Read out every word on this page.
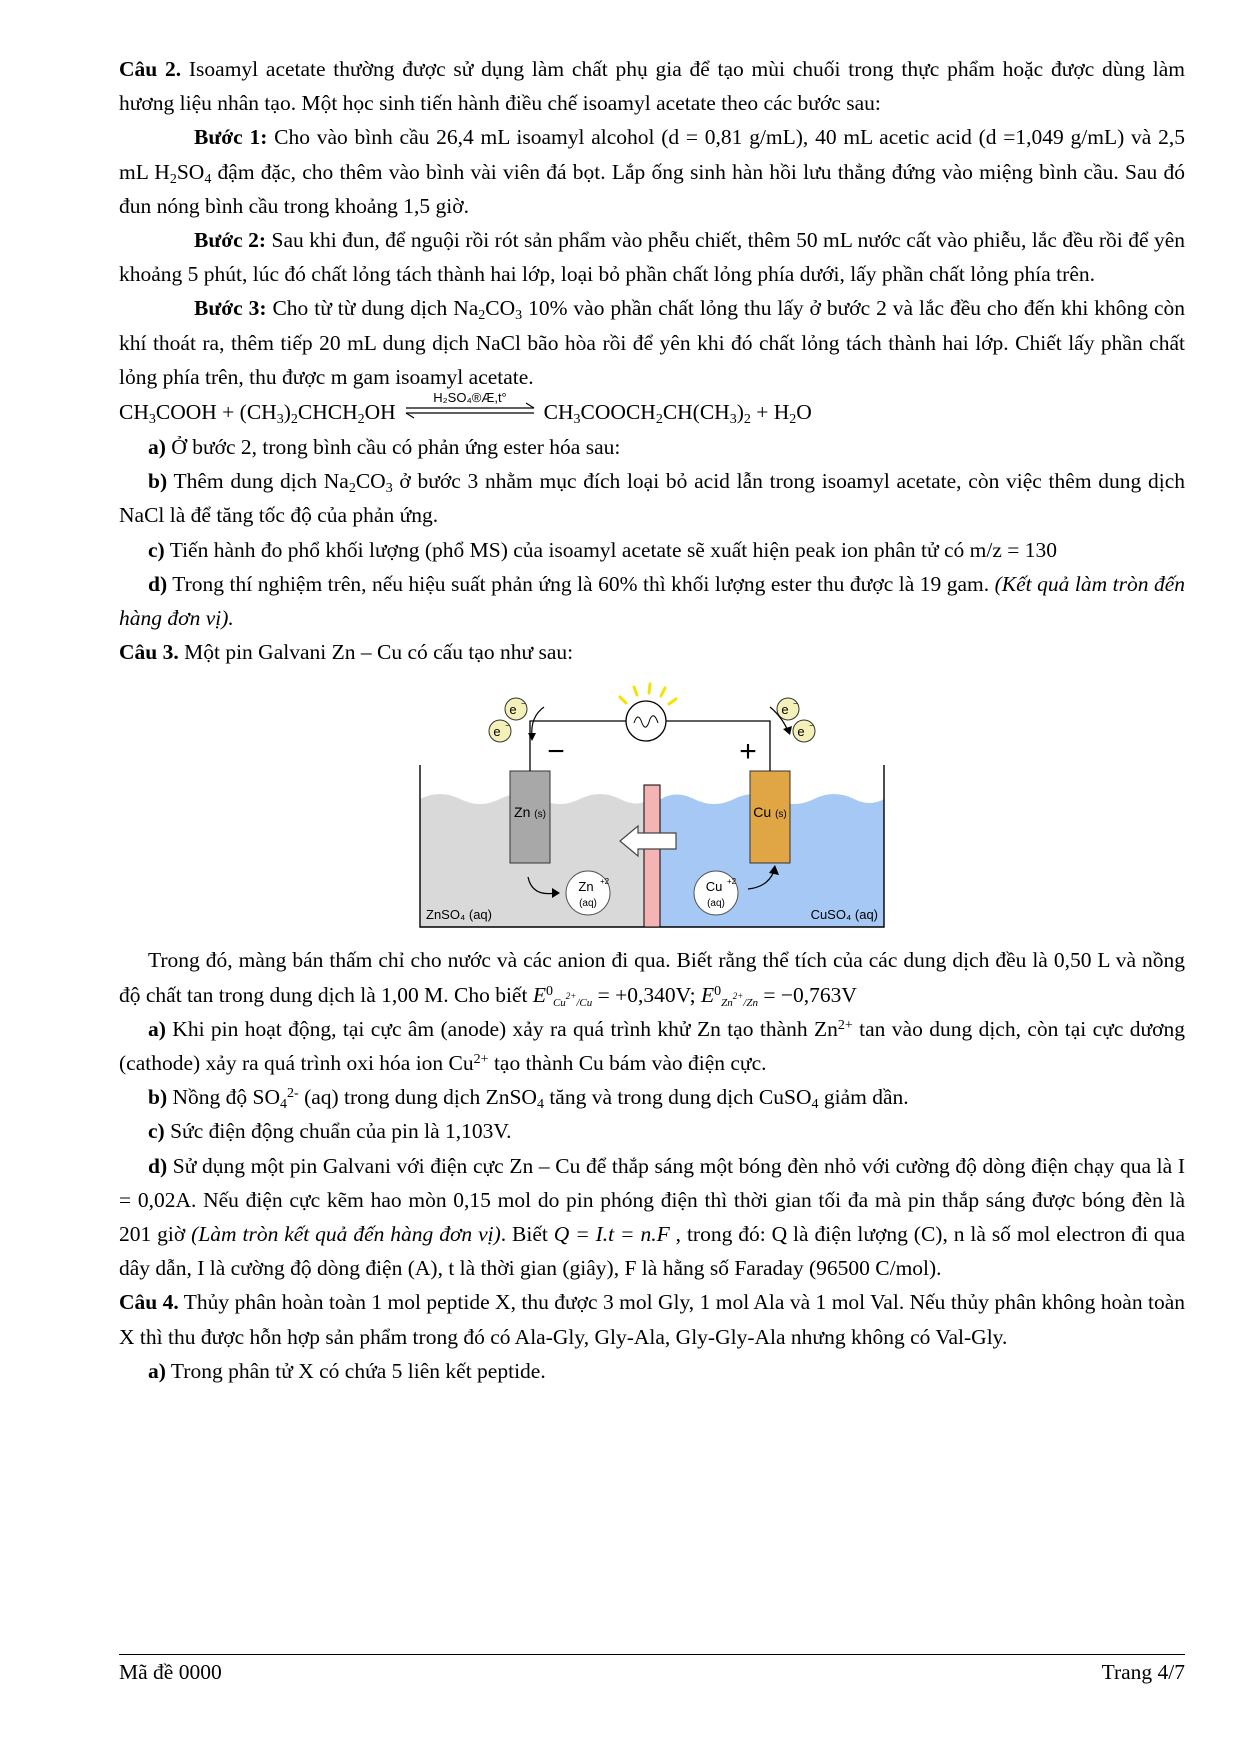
Câu 2. Isoamyl acetate thường được sử dụng làm chất phụ gia để tạo mùi chuối trong thực phẩm hoặc được dùng làm hương liệu nhân tạo. Một học sinh tiến hành điều chế isoamyl acetate theo các bước sau:

Bước 1: Cho vào bình cầu 26,4 mL isoamyl alcohol (d = 0,81 g/mL), 40 mL acetic acid (d =1,049 g/mL) và 2,5 mL $H_2SO_4$ đậm đặc, cho thêm vào bình vài viên đá bọt. Lắp ống sinh hàn hồi lưu thẳng đứng vào miệng bình cầu. Sau đó đun nóng bình cầu trong khoảng 1,5 giờ.

Bước 2: Sau khi đun, để nguội rồi rót sản phẩm vào phễu chiết, thêm 50 mL nước cất vào phiễu, lắc đều rồi để yên khoảng 5 phút, lúc đó chất lỏng tách thành hai lớp, loại bỏ phần chất lỏng phía dưới, lấy phần chất lỏng phía trên.

Bước 3: Cho từ từ dung dịch $Na_2CO_3$ 10% vào phần chất lỏng thu lấy ở bước 2 và lắc đều cho đến khi không còn khí thoát ra, thêm tiếp 20 mL dung dịch NaCl bão hòa rồi để yên khi đó chất lỏng tách thành hai lớp. Chiết lấy phần chất lỏng phía trên, thu được m gam isoamyl acetate.

$CH_3COOH$ + $(CH_3)_2CHCH_2OH$
H₂SO₄®Æ,t°
$CH_3COOCH_2CH(CH_3)_2 + H_2O$

a) Ở bước 2, trong bình cầu có phản ứng ester hóa sau:

b) Thêm dung dịch $Na_2CO_3$ ở bước 3 nhằm mục đích loại bỏ acid lẫn trong isoamyl acetate, còn việc thêm dung dịch NaCl là để tăng tốc độ của phản ứng.

c) Tiến hành đo phổ khối lượng (phổ MS) của isoamyl acetate sẽ xuất hiện peak ion phân tử có m/z = 130

d) Trong thí nghiệm trên, nếu hiệu suất phản ứng là 60% thì khối lượng ester thu được là 19 gam. (Kết quả làm tròn đến hàng đơn vị).

Câu 3. Một pin Galvani Zn – Cu có cấu tạo như sau:

Zn (s)	Cu (s)
−	+
e −
e −
e −
e −
Zn +2
(aq)
Cu +2
(aq)
ZnSO₄ (aq)	CuSO₄ (aq)

Trong đó, màng bán thấm chỉ cho nước và các anion đi qua. Biết rằng thể tích của các dung dịch đều là 0,50 L và nồng độ chất tan trong dung dịch là 1,00 M. Cho biết $E^0_{Cu^{2+}/Cu} = +0,340V$; $E^0_{Zn^{2+}/Zn} = -0,763V$

a) Khi pin hoạt động, tại cực âm (anode) xảy ra quá trình khử Zn tạo thành $Zn^{2+}$ tan vào dung dịch, còn tại cực dương (cathode) xảy ra quá trình oxi hóa ion $Cu^{2+}$ tạo thành Cu bám vào điện cực.

b) Nồng độ $SO_4^{2-}$ (aq) trong dung dịch ZnSO$_4$ tăng và trong dung dịch CuSO$_4$ giảm dần.

c) Sức điện động chuẩn của pin là 1,103V.

d) Sử dụng một pin Galvani với điện cực Zn – Cu để thắp sáng một bóng đèn nhỏ với cường độ dòng điện chạy qua là I = 0,02A. Nếu điện cực kẽm hao mòn 0,15 mol do pin phóng điện thì thời gian tối đa mà pin thắp sáng được bóng đèn là 201 giờ (Làm tròn kết quả đến hàng đơn vị). Biết Q = I.t = n.F , trong đó: Q là điện lượng (C), n là số mol electron đi qua dây dẫn, I là cường độ dòng điện (A), t là thời gian (giây), F là hằng số Faraday (96500 C/mol).

Câu 4. Thủy phân hoàn toàn 1 mol peptide X, thu được 3 mol Gly, 1 mol Ala và 1 mol Val. Nếu thủy phân không hoàn toàn X thì thu được hỗn hợp sản phẩm trong đó có Ala-Gly, Gly-Ala, Gly-Gly-Ala nhưng không có Val-Gly.

a) Trong phân tử X có chứa 5 liên kết peptide.

Mã đề 0000	Trang 4/7
